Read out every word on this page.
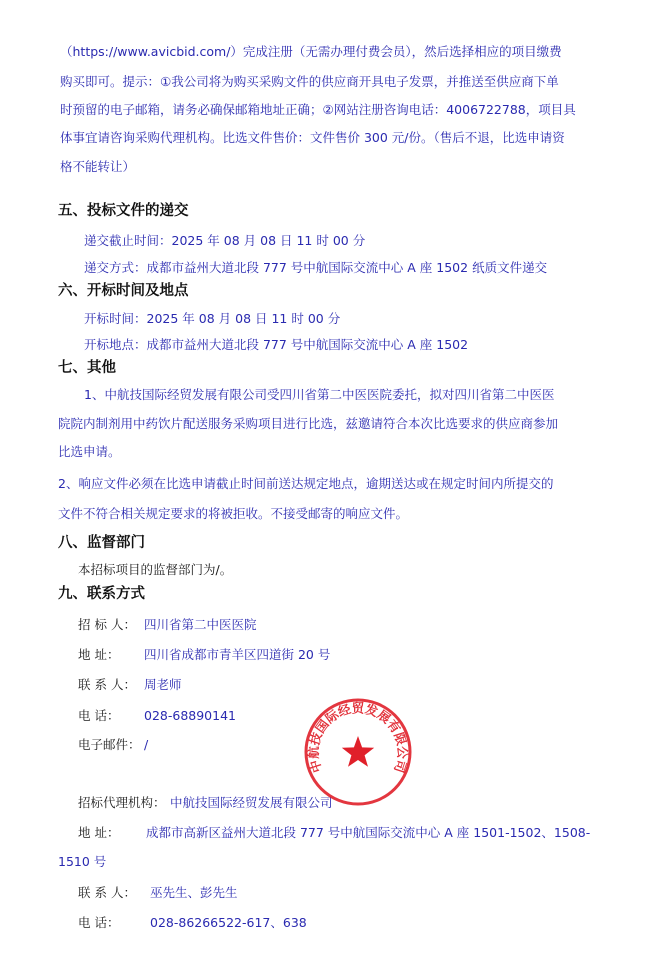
（https://www.avicbid.com/）完成注册（无需办理付费会员），然后选择相应的项目缴费
购买即可。提示：①我公司将为购买采购文件的供应商开具电子发票，并推送至供应商下单
时预留的电子邮箱，请务必确保邮箱地址正确；②网站注册咨询电话：4006722788，项目具
体事宜请咨询采购代理机构。比选文件售价：文件售价 300 元/份。（售后不退，比选申请资
格不能转让）
五、投标文件的递交
递交截止时间：2025 年 08 月 08 日 11 时 00 分
递交方式：成都市益州大道北段 777 号中航国际交流中心 A 座 1502 纸质文件递交
六、开标时间及地点
开标时间：2025 年 08 月 08 日 11 时 00 分
开标地点：成都市益州大道北段 777 号中航国际交流中心 A 座 1502
七、其他
1、中航技国际经贸发展有限公司受四川省第二中医医院委托，拟对四川省第二中医医
院院内制剂用中药饮片配送服务采购项目进行比选，兹邀请符合本次比选要求的供应商参加
比选申请。
2、响应文件必须在比选申请截止时间前送达规定地点，逾期送达或在规定时间内所提交的
文件不符合相关规定要求的将被拒收。不接受邮寄的响应文件。
八、监督部门
本招标项目的监督部门为/。
九、联系方式
招 标 人： 四川省第二中医医院
地 址： 四川省成都市青羊区四道街 20 号
联 系 人： 周老师
电 话： 028-68890141
电子邮件： /
招标代理机构： 中航技国际经贸发展有限公司
地 址： 成都市高新区益州大道北段 777 号中航国际交流中心 A 座 1501-1502、1508-
1510 号
联 系 人： 巫先生、彭先生
电 话： 028-86266522-617、638
中航技国际经贸发展有限公司
